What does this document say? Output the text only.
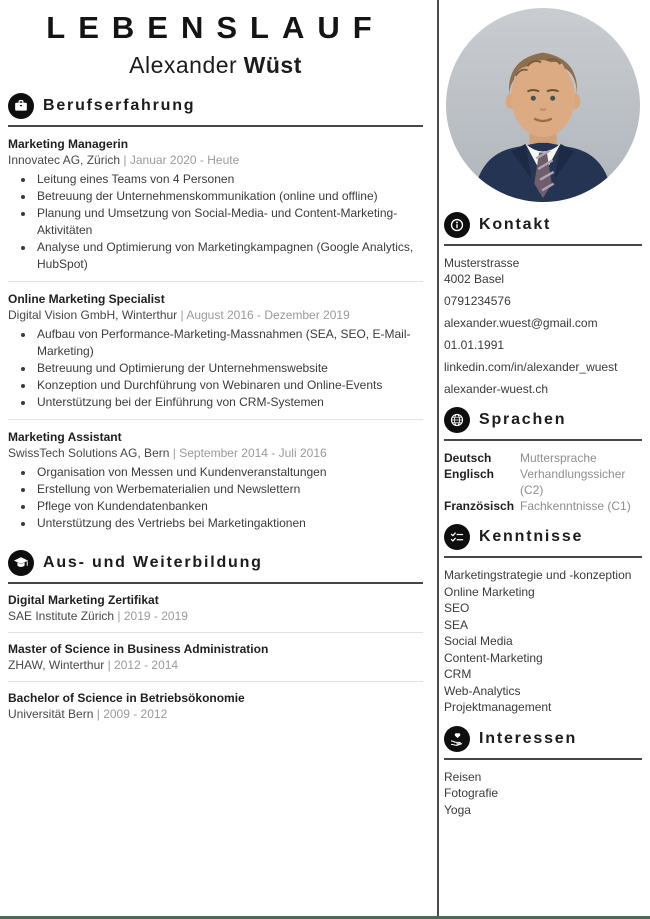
LEBENSLAUF
Alexander Wüst
Berufserfahrung
Marketing Managerin
Innovatec AG, Zürich | Januar 2020 - Heute
• Leitung eines Teams von 4 Personen
• Betreuung der Unternehmenskommunikation (online und offline)
• Planung und Umsetzung von Social-Media- und Content-Marketing-Aktivitäten
• Analyse und Optimierung von Marketingkampagnen (Google Analytics, HubSpot)
Online Marketing Specialist
Digital Vision GmbH, Winterthur | August 2016 - Dezember 2019
• Aufbau von Performance-Marketing-Massnahmen (SEA, SEO, E-Mail-Marketing)
• Betreuung und Optimierung der Unternehmenswebsite
• Konzeption und Durchführung von Webinaren und Online-Events
• Unterstützung bei der Einführung von CRM-Systemen
Marketing Assistant
SwissTech Solutions AG, Bern | September 2014 - Juli 2016
• Organisation von Messen und Kundenveranstaltungen
• Erstellung von Werbematerialien und Newslettern
• Pflege von Kundendatenbanken
• Unterstützung des Vertriebs bei Marketingaktionen
Aus- und Weiterbildung
Digital Marketing Zertifikat
SAE Institute Zürich | 2019 - 2019
Master of Science in Business Administration
ZHAW, Winterthur | 2012 - 2014
Bachelor of Science in Betriebsökonomie
Universität Bern | 2009 - 2012
Kontakt
Musterstrasse
4002 Basel
0791234576
alexander.wuest@gmail.com
01.01.1991
linkedin.com/in/alexander_wuest
alexander-wuest.ch
Sprachen
Deutsch	Muttersprache
Englisch	Verhandlungssicher (C2)
Französisch Fachkenntnisse (C1)
Kenntnisse
Marketingstrategie und -konzeption
Online Marketing
SEO
SEA
Social Media
Content-Marketing
CRM
Web-Analytics
Projektmanagement
Interessen
Reisen
Fotografie
Yoga
